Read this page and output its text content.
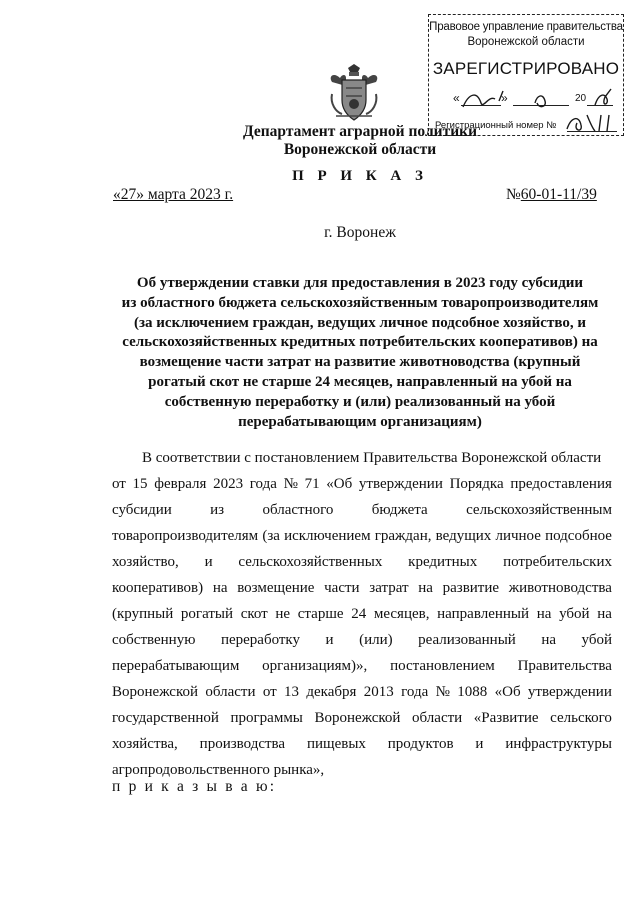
Правовое управление правительства
Воронежской области
ЗАРЕГИСТРИРОВАНО
«	»	20
Регистрационный номер №
Департамент аграрной политики
Воронежской области
П Р И К А З
«27» марта 2023 г.	№60-01-11/39
г. Воронеж
Об утверждении ставки для предоставления в 2023 году субсидии
из областного бюджета сельскохозяйственным товаропроизводителям
(за исключением граждан, ведущих личное подсобное хозяйство, и
сельскохозяйственных кредитных потребительских кооперативов) на
возмещение части затрат на развитие животноводства (крупный
рогатый скот не старше 24 месяцев, направленный на убой на
собственную переработку и (или) реализованный на убой
перерабатывающим организациям)
В соответствии с постановлением Правительства Воронежской области
от 15 февраля 2023 года № 71 «Об утверждении Порядка предоставления
субсидии	из	областного	бюджета	сельскохозяйственным
товаропроизводителям (за исключением граждан, ведущих личное подсобное
хозяйство, и сельскохозяйственных кредитных потребительских
кооперативов) на возмещение части затрат на развитие животноводства
(крупный рогатый скот не старше 24 месяцев, направленный на убой на
собственную переработку и (или) реализованный на убой
перерабатывающим организациям)», постановлением Правительства
Воронежской области от 13 декабря 2013 года № 1088 «Об утверждении
государственной программы Воронежской области «Развитие сельского
хозяйства, производства пищевых продуктов и инфраструктуры
агропродовольственного рынка»,
п р и к а з ы в а ю:
